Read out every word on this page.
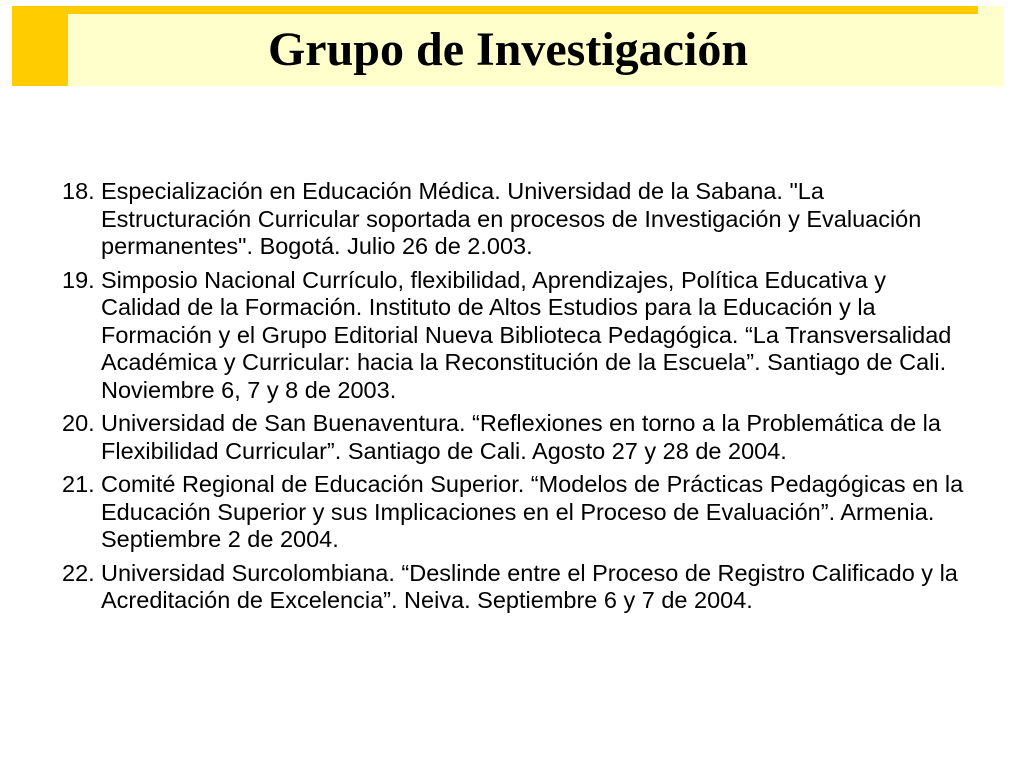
Grupo de Investigación
18. Especialización en Educación Médica. Universidad de la Sabana. "La Estructuración Curricular soportada en procesos de Investigación y Evaluación permanentes". Bogotá. Julio 26 de 2.003.
19. Simposio Nacional Currículo, flexibilidad, Aprendizajes, Política Educativa y Calidad de la Formación. Instituto de Altos Estudios para la Educación y la Formación y el Grupo Editorial Nueva Biblioteca Pedagógica. “La Transversalidad Académica y Curricular: hacia la Reconstitución de la Escuela”. Santiago de Cali. Noviembre 6, 7 y 8 de 2003.
20. Universidad de San Buenaventura. “Reflexiones en torno a la Problemática de la Flexibilidad Curricular”. Santiago de Cali. Agosto 27 y 28 de 2004.
21. Comité Regional de Educación Superior. “Modelos de Prácticas Pedagógicas en la Educación Superior y sus Implicaciones en el Proceso de Evaluación”. Armenia. Septiembre 2 de 2004.
22. Universidad Surcolombiana. “Deslinde entre el Proceso de Registro Calificado y la Acreditación de Excelencia”. Neiva. Septiembre 6 y 7 de 2004.
